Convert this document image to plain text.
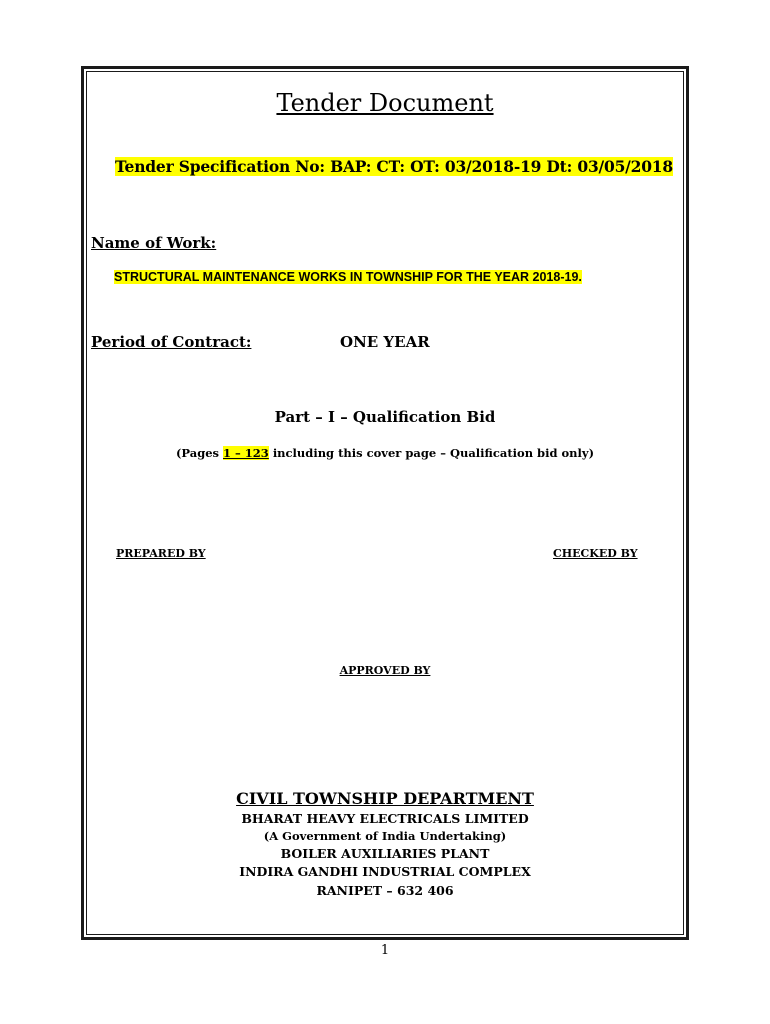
Tender Document
Tender Specification No: BAP: CT: OT: 03/2018-19 Dt: 03/05/2018
Name of Work:
STRUCTURAL MAINTENANCE WORKS IN TOWNSHIP FOR THE YEAR 2018-19.
Period of Contract:	ONE YEAR
Part – I – Qualification Bid
(Pages 1 – 123 including this cover page – Qualification bid only)
PREPARED BY	CHECKED BY
APPROVED BY
CIVIL TOWNSHIP DEPARTMENT
BHARAT HEAVY ELECTRICALS LIMITED
(A Government of India Undertaking)
BOILER AUXILIARIES PLANT
INDIRA GANDHI INDUSTRIAL COMPLEX
RANIPET – 632 406
1
